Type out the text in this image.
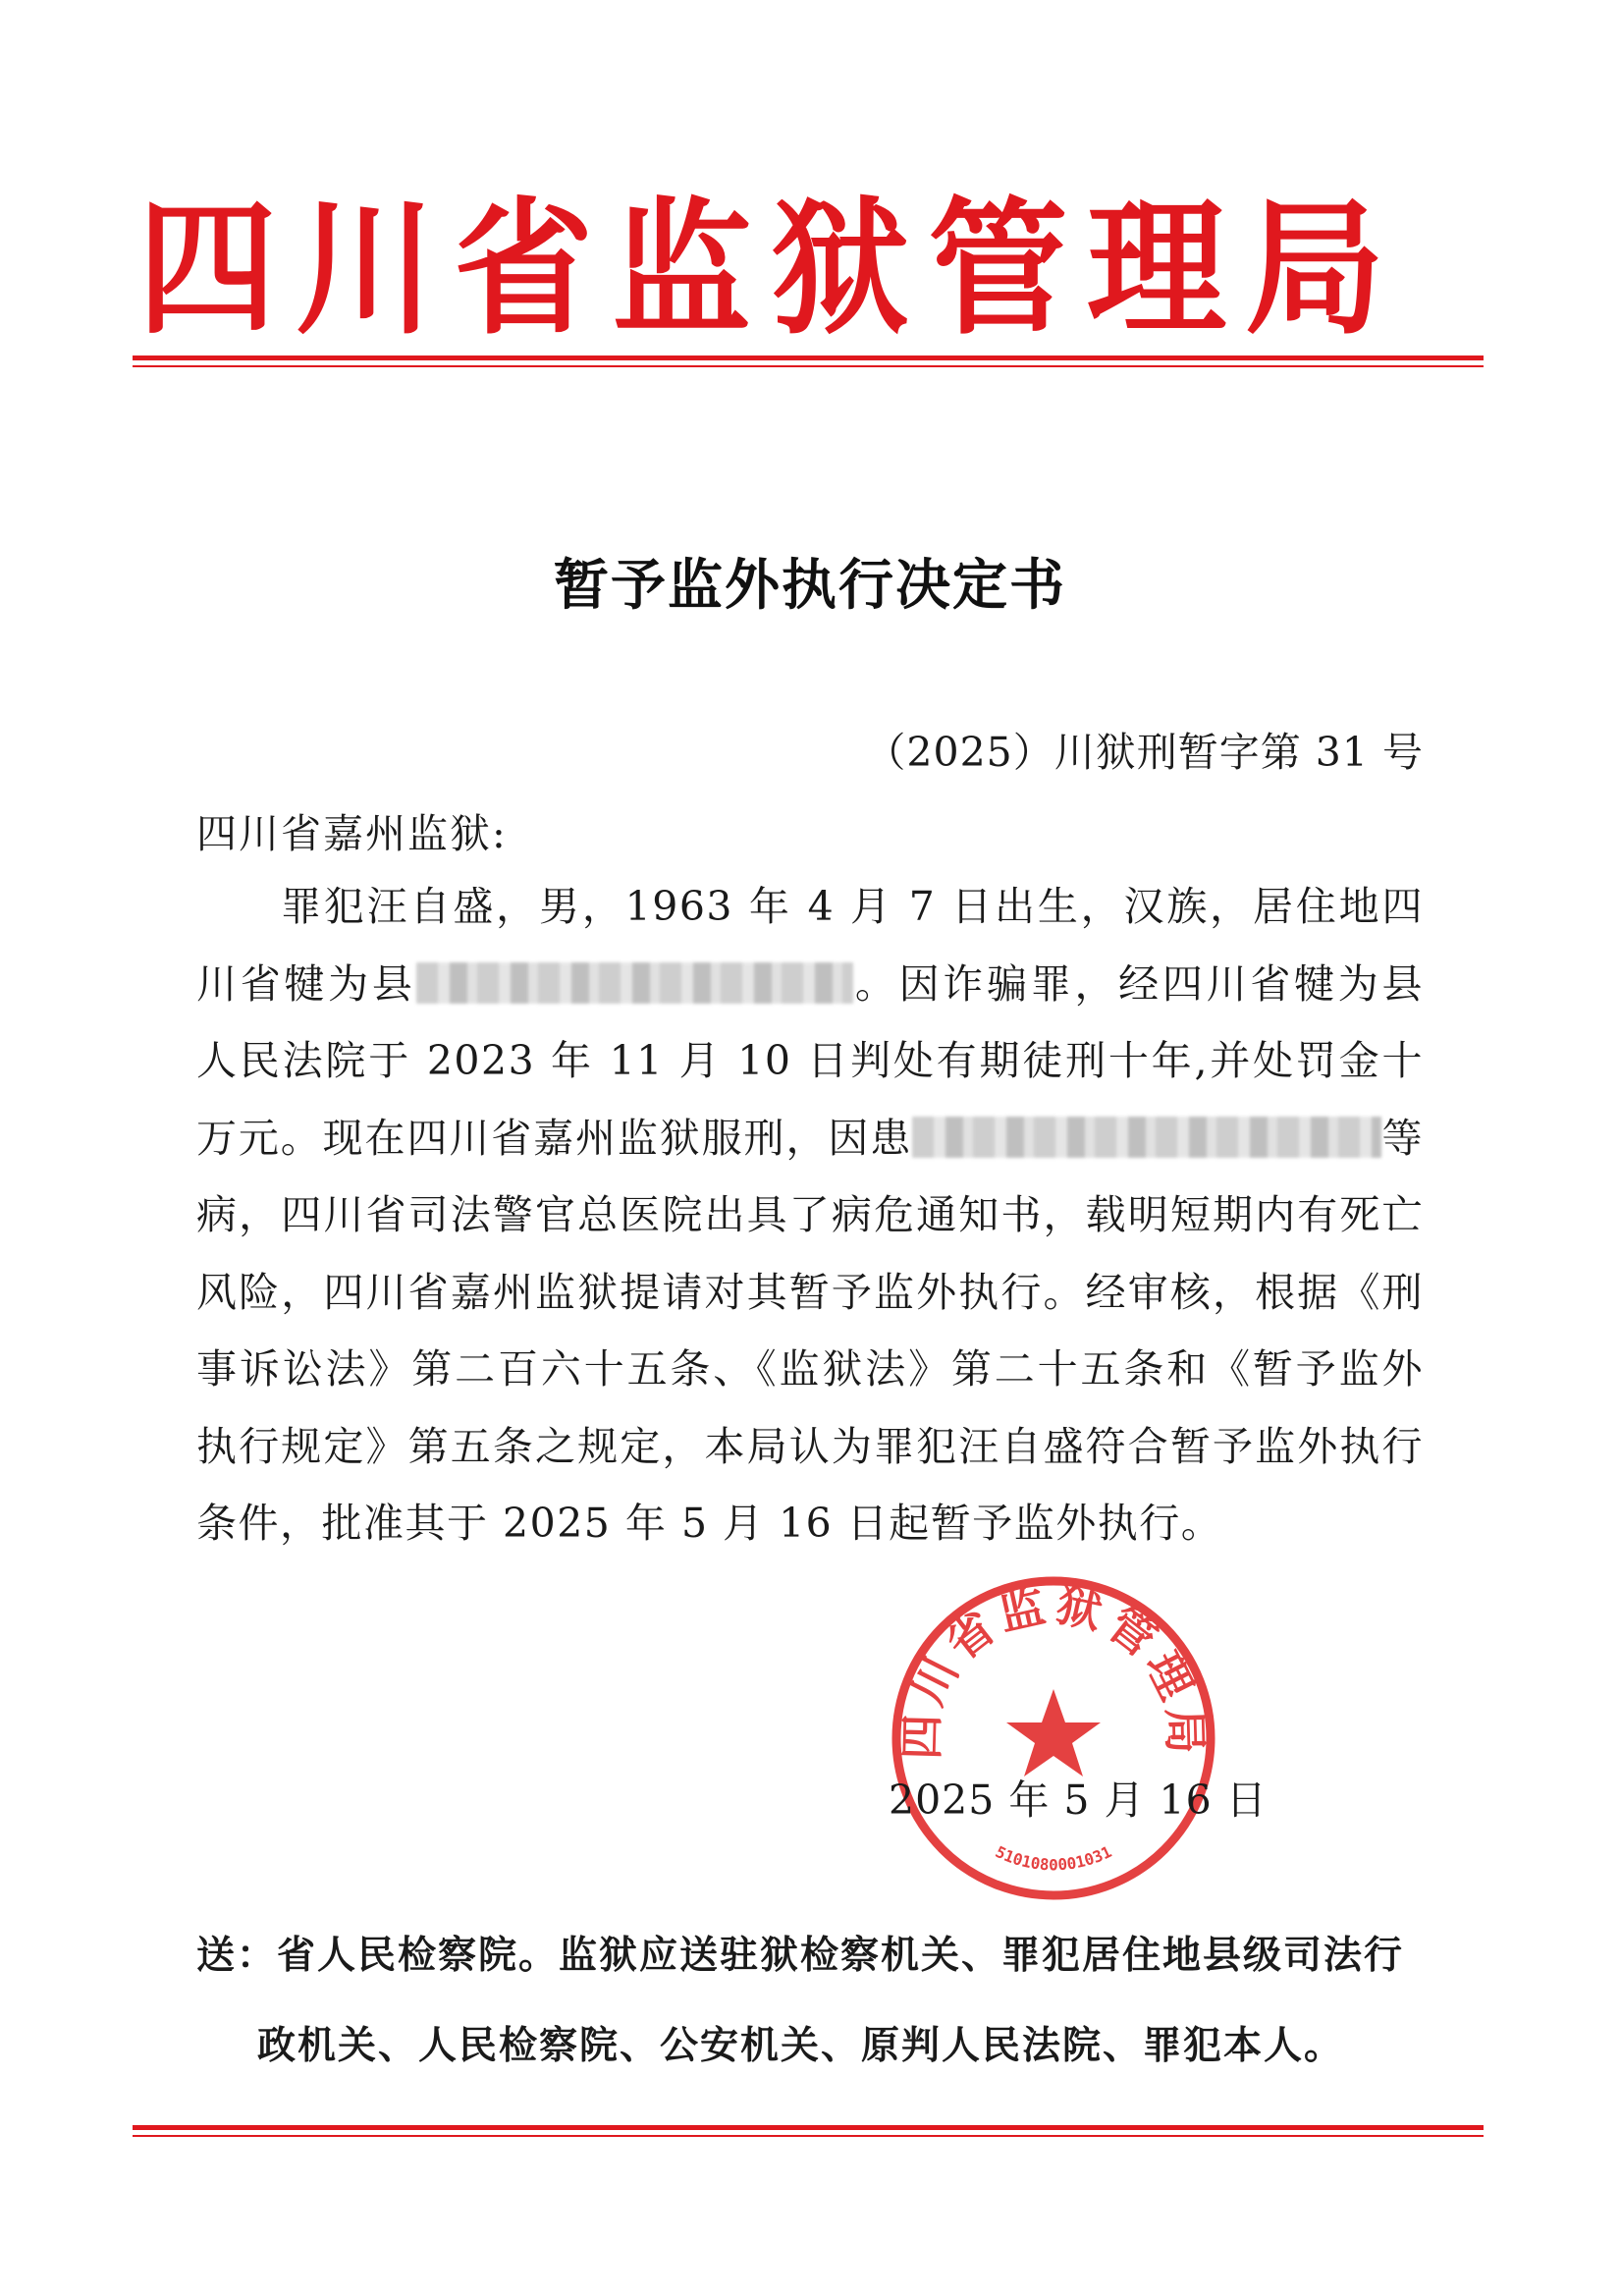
四 川 省 监 狱 管 理 局
暂予监外执行决定书
（2025）川狱刑暂字第 31 号
四川省嘉州监狱:
罪犯汪自盛，男，1963 年 4 月 7 日出生，汉族，居住地四川省犍为县	。因诈骗罪，经四川省犍为县人民法院于 2023 年 11 月 10 日判处有期徒刑十年,并处罚金十万元。现在四川省嘉州监狱服刑，因患	等病，四川省司法警官总医院出具了病危通知书，载明短期内有死亡风险，四川省嘉州监狱提请对其暂予监外执行。经审核，根据《刑事诉讼法》第二百六十五条、《监狱法》第二十五条和《暂予监外执行规定》第五条之规定，本局认为罪犯汪自盛符合暂予监外执行条件，批准其于 2025 年 5 月 16 日起暂予监外执行。
四川省监狱管理局
5101080001031
2025 年 5 月 16 日
送：省人民检察院。监狱应送驻狱检察机关、罪犯居住地县级司法行
政机关、人民检察院、公安机关、原判人民法院、罪犯本人。
